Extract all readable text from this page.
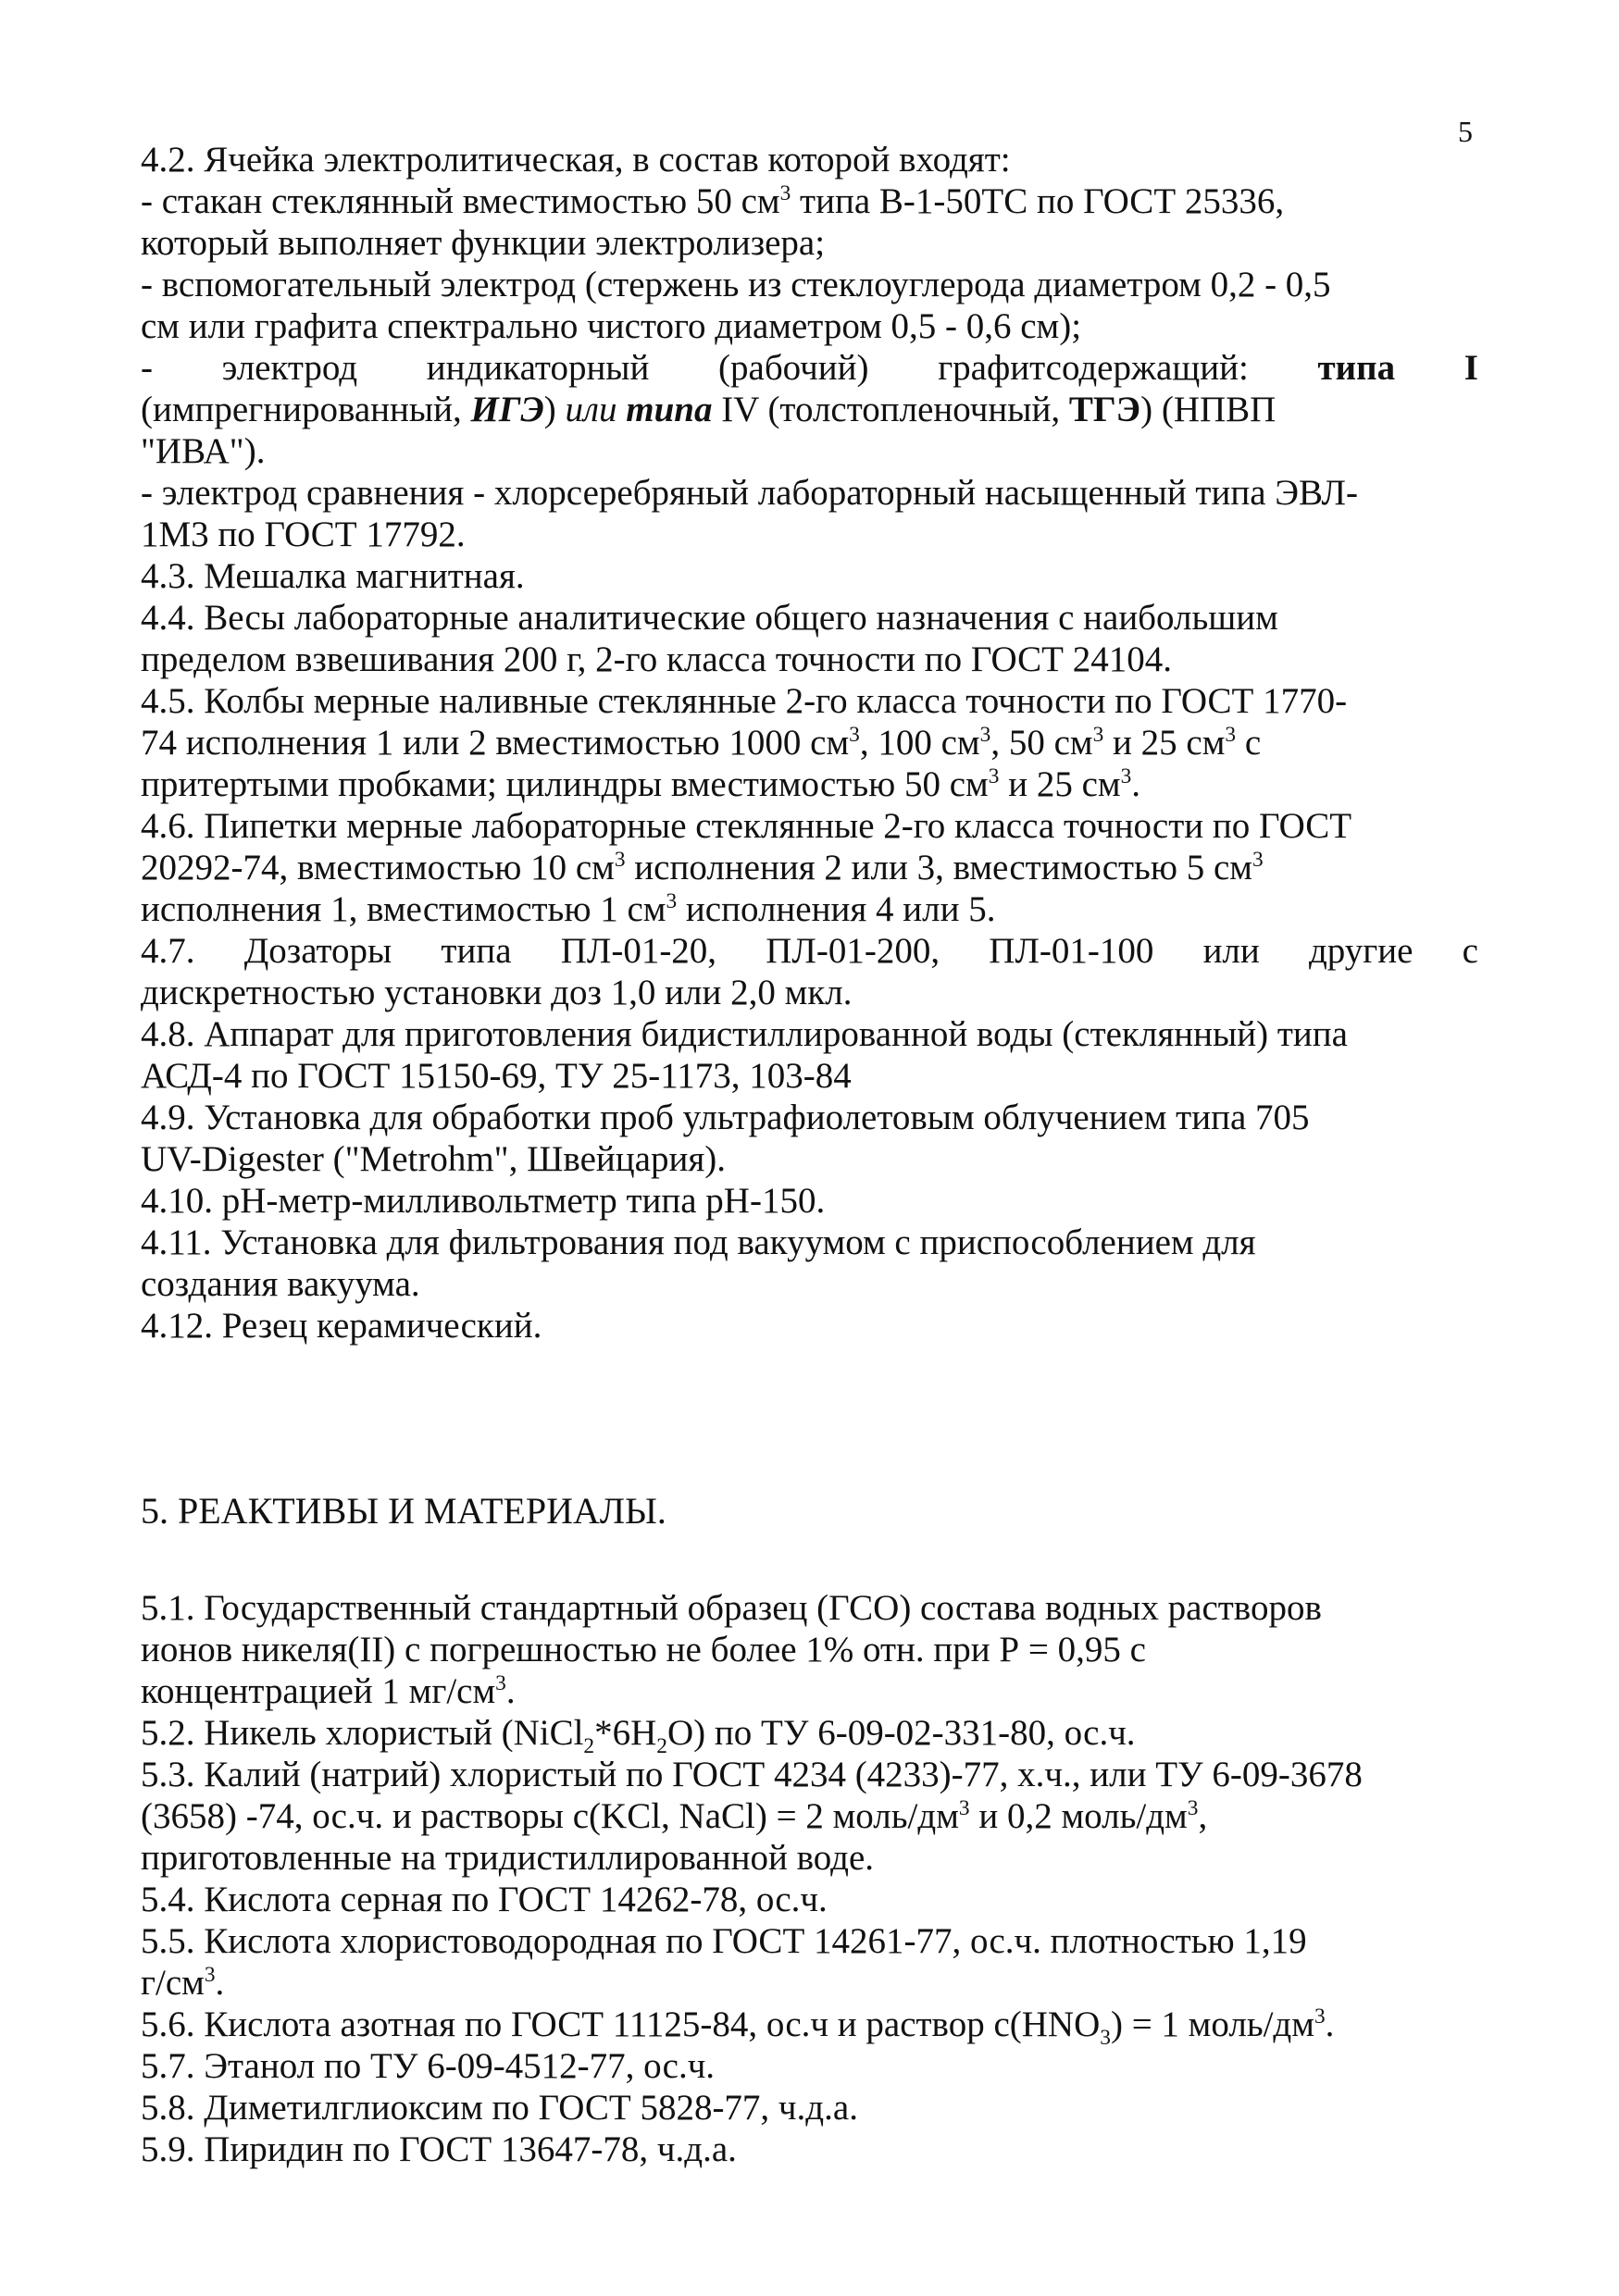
5
4.2. Ячейка электролитическая, в состав которой входят:
- стакан стеклянный вместимостью 50 $см^3$ типа В-1-50ТС по ГОСТ 25336,
который выполняет функции электролизера;
- вспомогательный электрод (стержень из стеклоуглерода диаметром 0,2 - 0,5
см или графита спектрально чистого диаметром 0,5 - 0,6 см);
- электрод индикаторный (рабочий) графитсодержащий: типа I
(импрегнированный, ИГЭ) или типа IV (толстопленочный, ТГЭ) (НПВП
"ИВА").
- электрод сравнения - хлорсеребряный лабораторный насыщенный типа ЭВЛ-
1М3 по ГОСТ 17792.
4.3. Мешалка магнитная.
4.4. Весы лабораторные аналитические общего назначения с наибольшим
пределом взвешивания 200 г, 2-го класса точности по ГОСТ 24104.
4.5. Колбы мерные наливные стеклянные 2-го класса точности по ГОСТ 1770-
74 исполнения 1 или 2 вместимостью 1000 $см^3$, 100 $см^3$, 50 $см^3$ и 25 $см^3$ с
притертыми пробками; цилиндры вместимостью 50 $см^3$ и 25 $см^3$.
4.6. Пипетки мерные лабораторные стеклянные 2-го класса точности по ГОСТ
20292-74, вместимостью 10 $см^3$ исполнения 2 или 3, вместимостью 5 $см^3$
исполнения 1, вместимостью 1 $см^3$ исполнения 4 или 5.
4.7. Дозаторы типа ПЛ-01-20, ПЛ-01-200, ПЛ-01-100 или другие с
дискретностью установки доз 1,0 или 2,0 мкл.
4.8. Аппарат для приготовления бидистиллированной воды (стеклянный) типа
АСД-4 по ГОСТ 15150-69, ТУ 25-1173, 103-84
4.9. Установка для обработки проб ультрафиолетовым облучением типа 705
UV-Digester ("Metrohm", Швейцария).
4.10. pH-метр-милливольтметр типа pH-150.
4.11. Установка для фильтрования под вакуумом с приспособлением для
создания вакуума.
4.12. Резец керамический.
5. РЕАКТИВЫ И МАТЕРИАЛЫ.
5.1. Государственный стандартный образец (ГСО) состава водных растворов
ионов никеля(II) с погрешностью не более 1% отн. при Р = 0,95 с
концентрацией 1 $мг/см^3$.
5.2. Никель хлористый $(NiCl_2*6H_2O)$ по ТУ 6-09-02-331-80, ос.ч.
5.3. Калий (натрий) хлористый по ГОСТ 4234 (4233)-77, х.ч., или ТУ 6-09-3678
(3658) -74, ос.ч. и растворы c(KCl, NaCl) = 2 моль/$дм^3$ и 0,2 моль/$дм^3$,
приготовленные на тридистиллированной воде.
5.4. Кислота серная по ГОСТ 14262-78, ос.ч.
5.5. Кислота хлористоводородная по ГОСТ 14261-77, ос.ч. плотностью 1,19
$г/см^3$.
5.6. Кислота азотная по ГОСТ 11125-84, ос.ч и раствор $с(HNO_3) = 1$ моль/$дм^3$.
5.7. Этанол по ТУ 6-09-4512-77, ос.ч.
5.8. Диметилглиоксим по ГОСТ 5828-77, ч.д.а.
5.9. Пиридин по ГОСТ 13647-78, ч.д.а.
